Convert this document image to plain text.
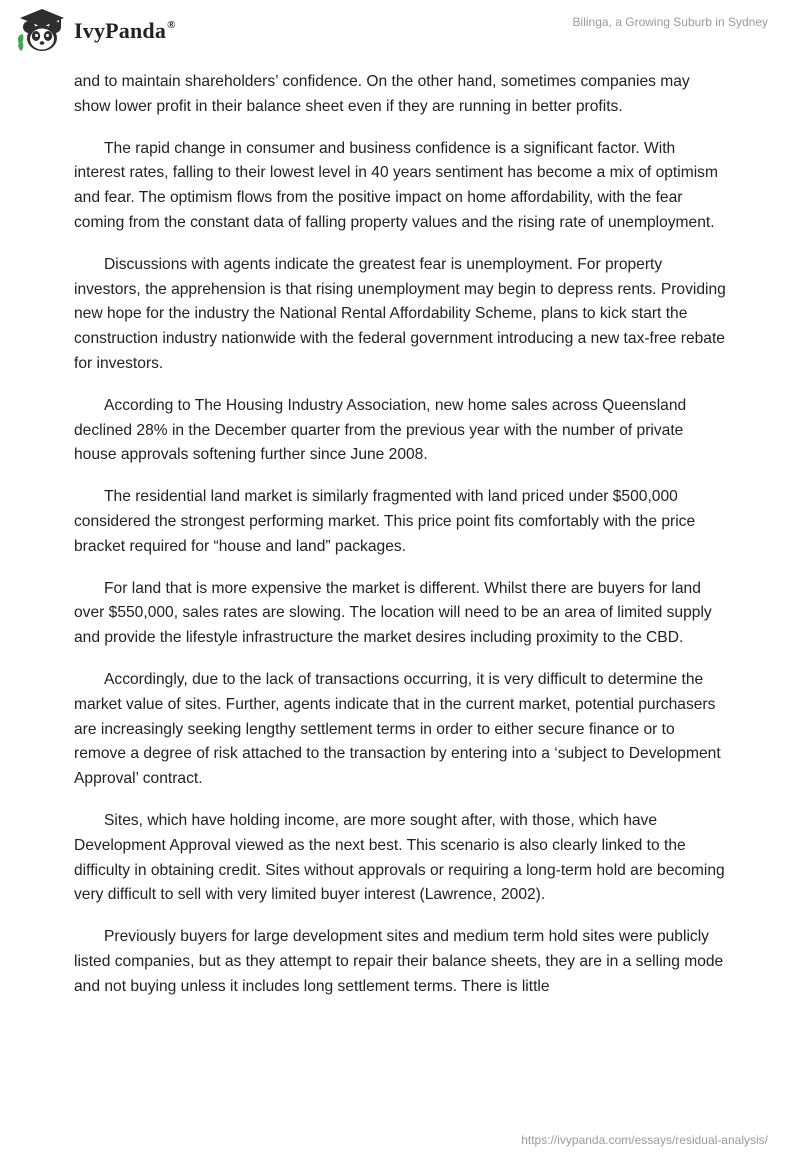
IvyPanda®	Bilinga, a Growing Suburb in Sydney

and to maintain shareholders’ confidence. On the other hand, sometimes companies may show lower profit in their balance sheet even if they are running in better profits.

The rapid change in consumer and business confidence is a significant factor. With interest rates, falling to their lowest level in 40 years sentiment has become a mix of optimism and fear. The optimism flows from the positive impact on home affordability, with the fear coming from the constant data of falling property values and the rising rate of unemployment.

Discussions with agents indicate the greatest fear is unemployment. For property investors, the apprehension is that rising unemployment may begin to depress rents. Providing new hope for the industry the National Rental Affordability Scheme, plans to kick start the construction industry nationwide with the federal government introducing a new tax-free rebate for investors.

According to The Housing Industry Association, new home sales across Queensland declined 28% in the December quarter from the previous year with the number of private house approvals softening further since June 2008.

The residential land market is similarly fragmented with land priced under $500,000 considered the strongest performing market. This price point fits comfortably with the price bracket required for “house and land” packages.

For land that is more expensive the market is different. Whilst there are buyers for land over $550,000, sales rates are slowing. The location will need to be an area of limited supply and provide the lifestyle infrastructure the market desires including proximity to the CBD.

Accordingly, due to the lack of transactions occurring, it is very difficult to determine the market value of sites. Further, agents indicate that in the current market, potential purchasers are increasingly seeking lengthy settlement terms in order to either secure finance or to remove a degree of risk attached to the transaction by entering into a ‘subject to Development Approval’ contract.

Sites, which have holding income, are more sought after, with those, which have Development Approval viewed as the next best. This scenario is also clearly linked to the difficulty in obtaining credit. Sites without approvals or requiring a long-term hold are becoming very difficult to sell with very limited buyer interest (Lawrence, 2002).

Previously buyers for large development sites and medium term hold sites were publicly listed companies, but as they attempt to repair their balance sheets, they are in a selling mode and not buying unless it includes long settlement terms. There is little

https://ivypanda.com/essays/residual-analysis/
